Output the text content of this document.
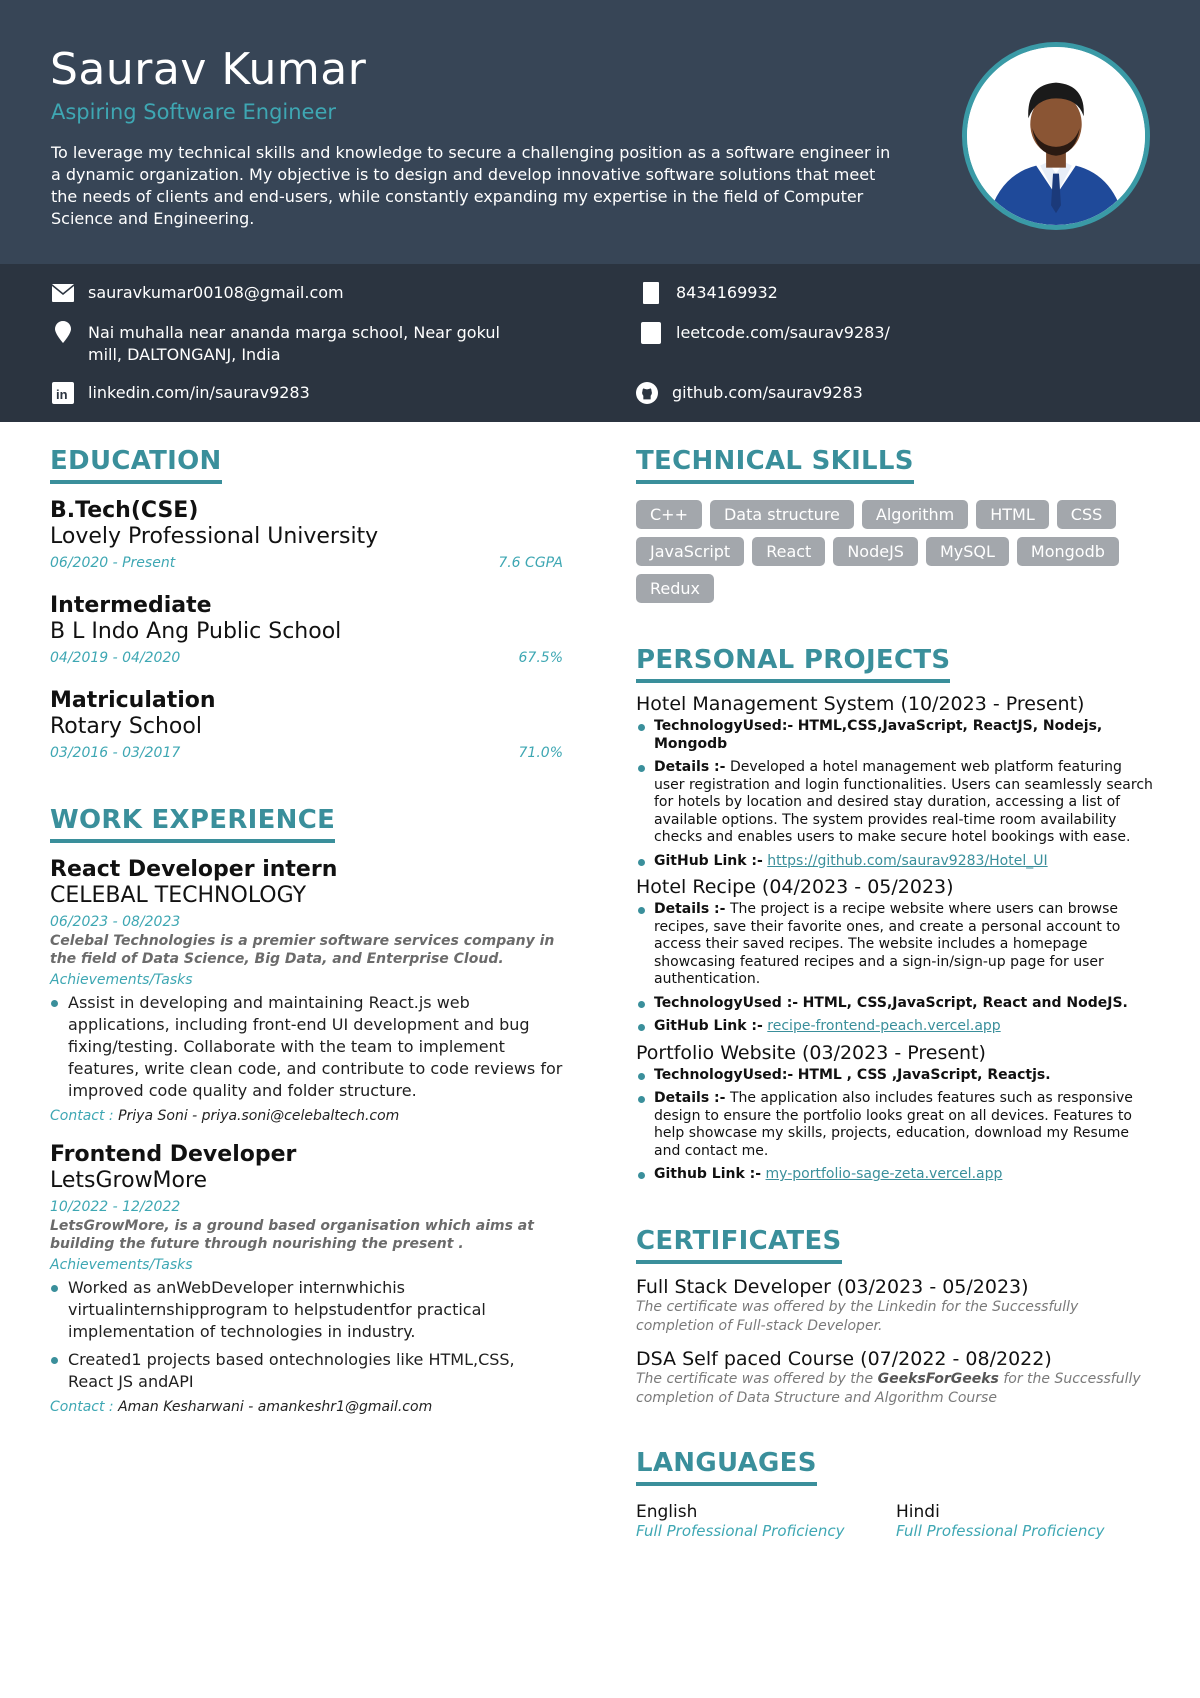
Saurav Kumar
Aspiring Software Engineer
To leverage my technical skills and knowledge to secure a challenging position as a software engineer in a dynamic organization. My objective is to design and develop innovative software solutions that meet the needs of clients and end-users, while constantly expanding my expertise in the field of Computer Science and Engineering.
sauravkumar00108@gmail.com	8434169932
Nai muhalla near ananda marga school, Near gokul mill, DALTONGANJ, India
leetcode.com/saurav9283/
in linkedin.com/in/saurav9283	github.com/saurav9283
EDUCATION
B.Tech(CSE)
Lovely Professional University
06/2020 - Present	7.6 CGPA
Intermediate
B L Indo Ang Public School
04/2019 - 04/2020	67.5%
Matriculation
Rotary School
03/2016 - 03/2017	71.0%
WORK EXPERIENCE
React Developer intern
CELEBAL TECHNOLOGY
06/2023 - 08/2023
Celebal Technologies is a premier software services company in the field of Data Science, Big Data, and Enterprise Cloud.
Achievements/Tasks
Assist in developing and maintaining React.js web applications, including front-end UI development and bug fixing/testing. Collaborate with the team to implement features, write clean code, and contribute to code reviews for improved code quality and folder structure.
Contact : Priya Soni - priya.soni@celebaltech.com
Frontend Developer
LetsGrowMore
10/2022 - 12/2022
LetsGrowMore, is a ground based organisation which aims at building the future through nourishing the present .
Achievements/Tasks
Worked as anWebDeveloper internwhichis virtualinternshipprogram to helpstudentfor practical implementation of technologies in industry.
Created1 projects based ontechnologies like HTML,CSS, React JS andAPI
Contact : Aman Kesharwani - amankeshr1@gmail.com
TECHNICAL SKILLS
C++	Data structure	Algorithm	HTML	CSS
JavaScript	React	NodeJS	MySQL	Mongodb
Redux
PERSONAL PROJECTS
Hotel Management System (10/2023 - Present)
TechnologyUsed:- HTML,CSS,JavaScript, ReactJS, Nodejs, Mongodb
Details :- Developed a hotel management web platform featuring user registration and login functionalities. Users can seamlessly search for hotels by location and desired stay duration, accessing a list of available options. The system provides real-time room availability checks and enables users to make secure hotel bookings with ease.
GitHub Link :- https://github.com/saurav9283/Hotel_UI
Hotel Recipe (04/2023 - 05/2023)
Details :- The project is a recipe website where users can browse recipes, save their favorite ones, and create a personal account to access their saved recipes. The website includes a homepage showcasing featured recipes and a sign-in/sign-up page for user authentication.
TechnologyUsed :- HTML, CSS,JavaScript, React and NodeJS.
GitHub Link :- recipe-frontend-peach.vercel.app
Portfolio Website (03/2023 - Present)
TechnologyUsed:- HTML , CSS ,JavaScript, Reactjs.
Details :- The application also includes features such as responsive design to ensure the portfolio looks great on all devices. Features to help showcase my skills, projects, education, download my Resume and contact me.
Github Link :- my-portfolio-sage-zeta.vercel.app
CERTIFICATES
Full Stack Developer (03/2023 - 05/2023)
The certificate was offered by the Linkedin for the Successfully completion of Full-stack Developer.
DSA Self paced Course (07/2022 - 08/2022)
The certificate was offered by the GeeksForGeeks for the Successfully completion of Data Structure and Algorithm Course
LANGUAGES
English
Full Professional Proficiency
Hindi
Full Professional Proficiency
